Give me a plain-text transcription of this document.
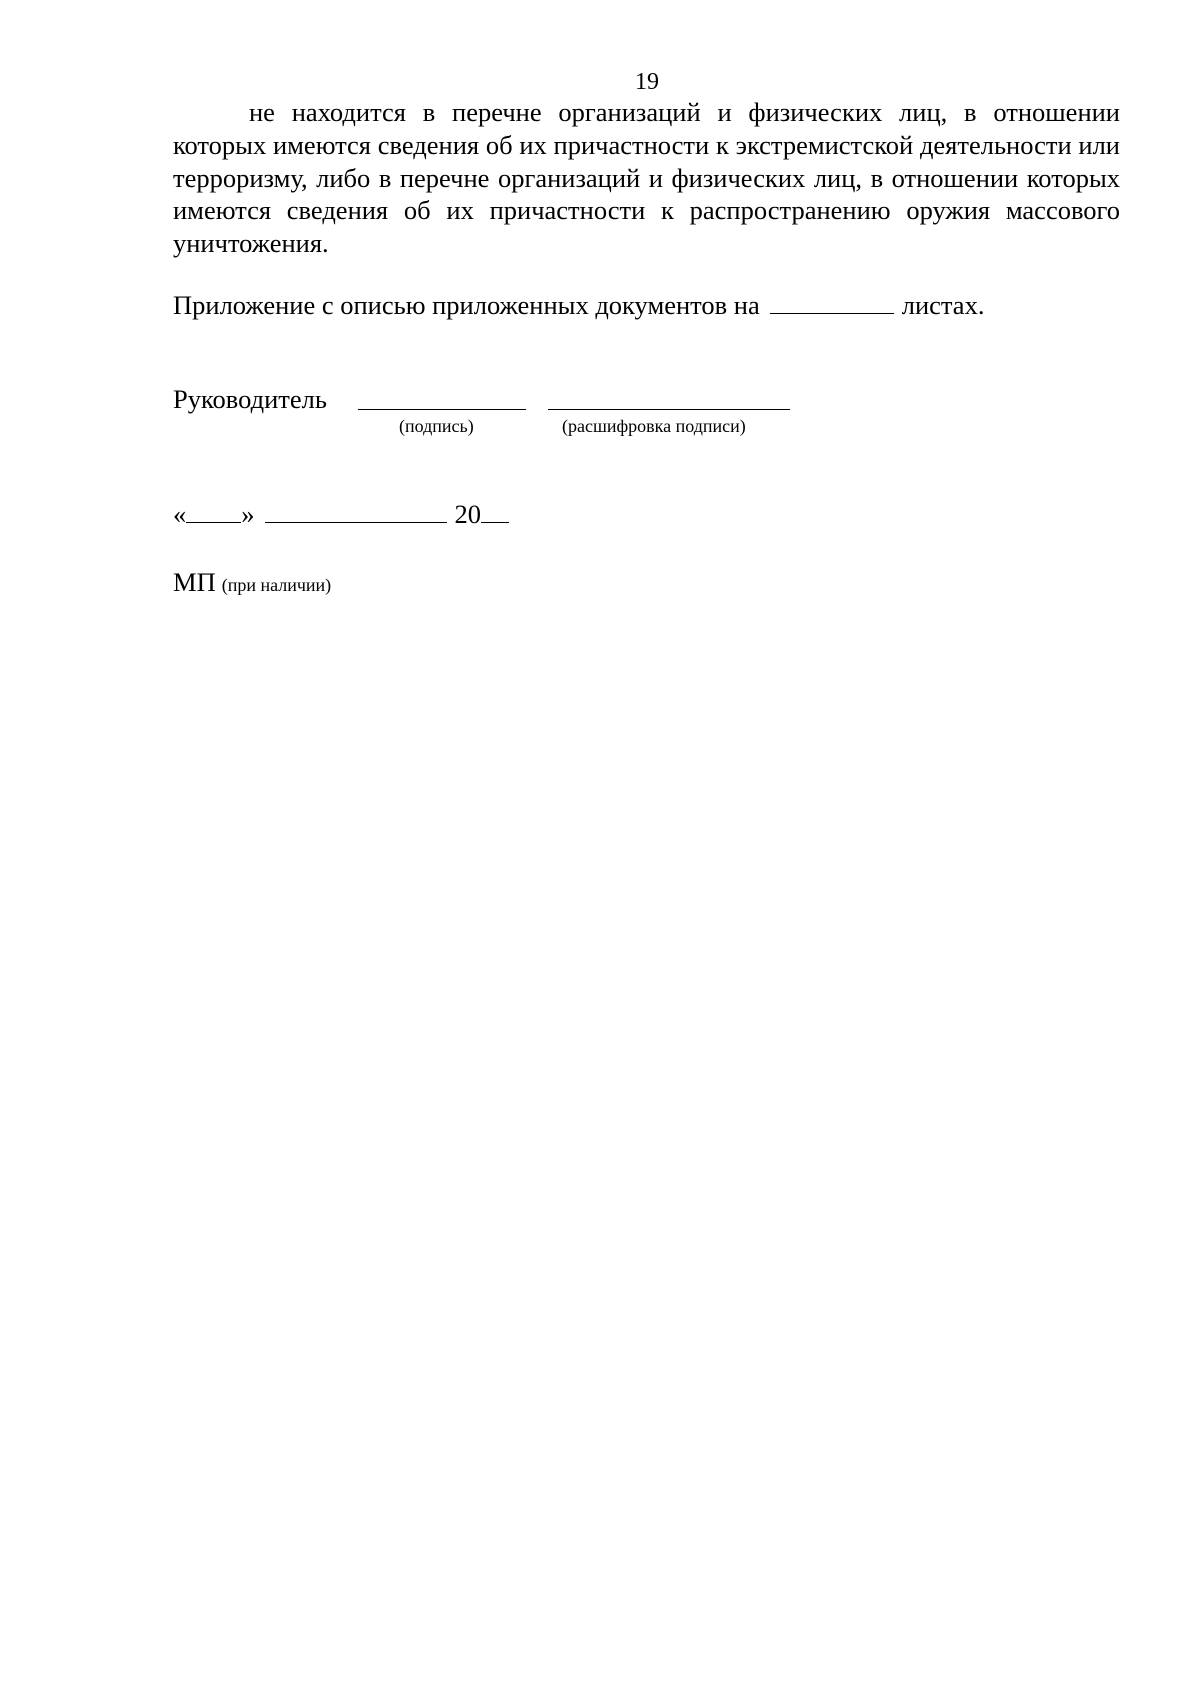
19
не находится в перечне организаций и физических лиц, в отношении которых имеются сведения об их причастности к экстремистской деятельности или терроризму, либо в перечне организаций и физических лиц, в отношении которых имеются сведения об их причастности к распространению оружия массового уничтожения.
Приложение с описью приложенных документов на	листах.
Руководитель
(подпись)	(расшифровка подписи)
« »	20
МП (при наличии)
